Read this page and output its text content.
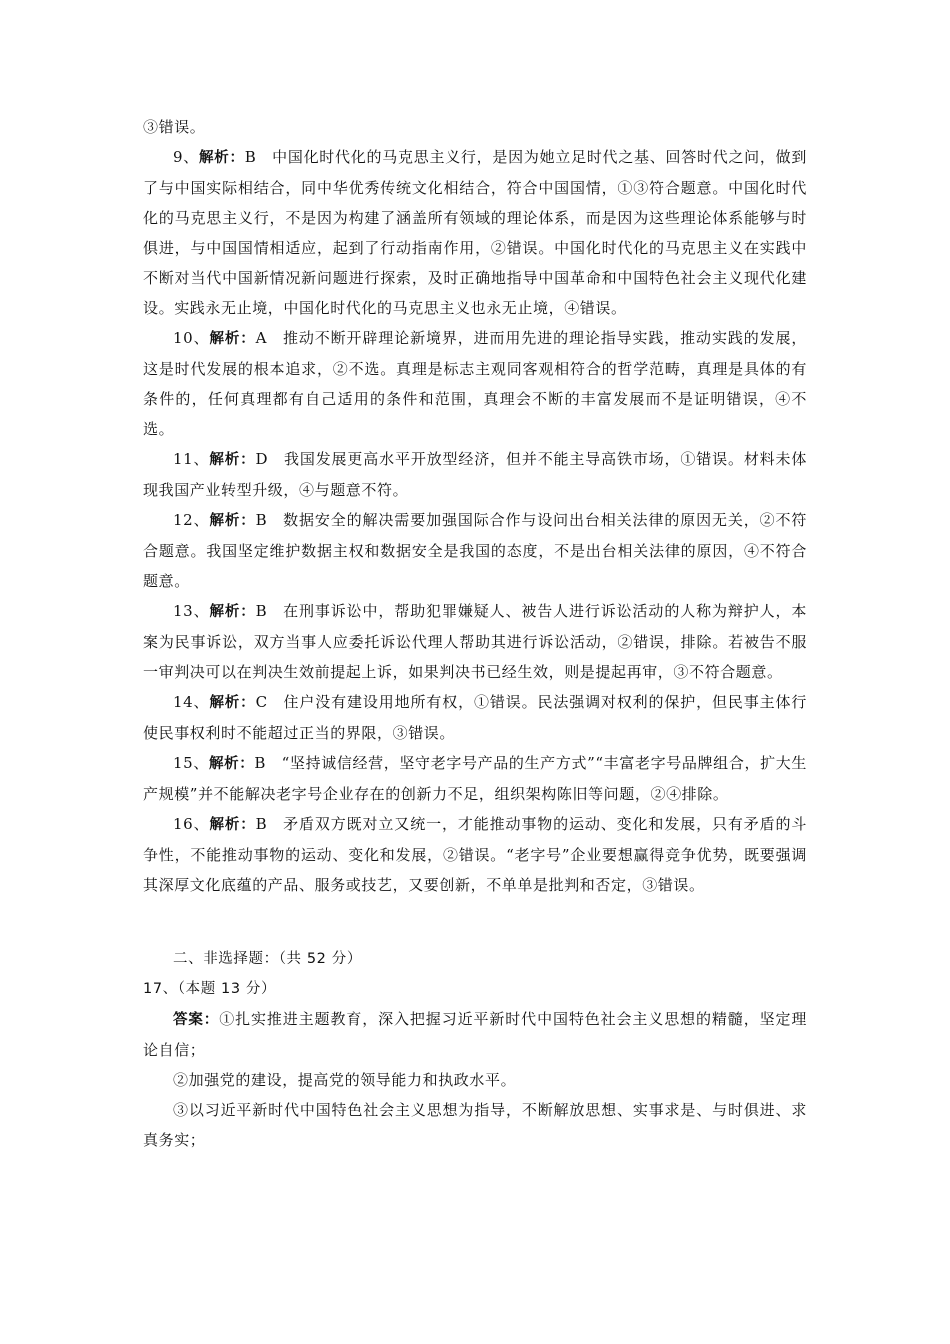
③错误。

9、解析：B  中国化时代化的马克思主义行，是因为她立足时代之基、回答时代之问，做到了与中国实际相结合，同中华优秀传统文化相结合，符合中国国情，①③符合题意。中国化时代化的马克思主义行，不是因为构建了涵盖所有领域的理论体系，而是因为这些理论体系能够与时俱进，与中国国情相适应，起到了行动指南作用，②错误。中国化时代化的马克思主义在实践中不断对当代中国新情况新问题进行探索，及时正确地指导中国革命和中国特色社会主义现代化建设。实践永无止境，中国化时代化的马克思主义也永无止境，④错误。

10、解析：A  推动不断开辟理论新境界，进而用先进的理论指导实践，推动实践的发展，这是时代发展的根本追求，②不选。真理是标志主观同客观相符合的哲学范畴，真理是具体的有条件的，任何真理都有自己适用的条件和范围，真理会不断的丰富发展而不是证明错误，④不选。

11、解析：D  我国发展更高水平开放型经济，但并不能主导高铁市场，①错误。材料未体现我国产业转型升级，④与题意不符。

12、解析：B  数据安全的解决需要加强国际合作与设问出台相关法律的原因无关，②不符合题意。我国坚定维护数据主权和数据安全是我国的态度，不是出台相关法律的原因，④不符合题意。

13、解析：B  在刑事诉讼中，帮助犯罪嫌疑人、被告人进行诉讼活动的人称为辩护人，本案为民事诉讼，双方当事人应委托诉讼代理人帮助其进行诉讼活动，②错误，排除。若被告不服一审判决可以在判决生效前提起上诉，如果判决书已经生效，则是提起再审，③不符合题意。

14、解析：C  住户没有建设用地所有权，①错误。民法强调对权利的保护，但民事主体行使民事权利时不能超过正当的界限，③错误。

15、解析：B  “坚持诚信经营，坚守老字号产品的生产方式”“丰富老字号品牌组合，扩大生产规模”并不能解决老字号企业存在的创新力不足，组织架构陈旧等问题，②④排除。

16、解析：B  矛盾双方既对立又统一，才能推动事物的运动、变化和发展，只有矛盾的斗争性，不能推动事物的运动、变化和发展，②错误。“老字号”企业要想赢得竞争优势，既要强调其深厚文化底蕴的产品、服务或技艺，又要创新，不单单是批判和否定，③错误。

二、非选择题：（共 52 分）

17、（本题 13 分）

答案：①扎实推进主题教育，深入把握习近平新时代中国特色社会主义思想的精髓，坚定理论自信；

②加强党的建设，提高党的领导能力和执政水平。

③以习近平新时代中国特色社会主义思想为指导，不断解放思想、实事求是、与时俱进、求真务实；
